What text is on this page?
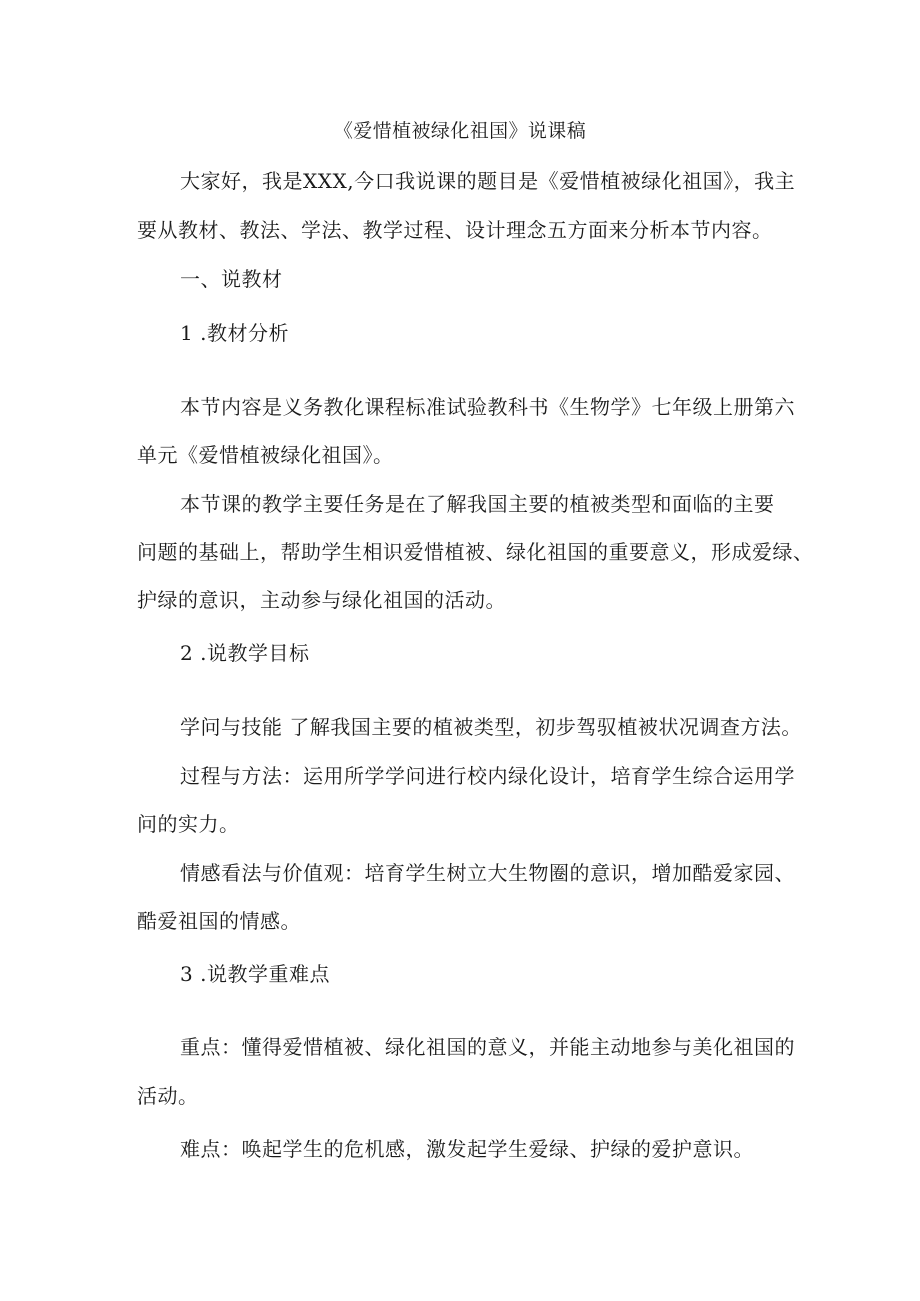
《爱惜植被绿化祖国》说课稿
大家好，我是XXX,今口我说课的题目是《爱惜植被绿化祖国》，我主
要从教材、教法、学法、教学过程、设计理念五方面来分析本节内容。
一、说教材
1 .教材分析
本节内容是义务教化课程标准试验教科书《生物学》七年级上册第六
单元《爱惜植被绿化祖国》。
本节课的教学主要任务是在了解我国主要的植被类型和面临的主要
问题的基础上，帮助学生相识爱惜植被、绿化祖国的重要意义，形成爱绿、
护绿的意识，主动参与绿化祖国的活动。
2 .说教学目标
学问与技能 了解我国主要的植被类型，初步驾驭植被状况调查方法。
过程与方法：运用所学学问进行校内绿化设计，培育学生综合运用学
问的实力。
情感看法与价值观：培育学生树立大生物圈的意识，增加酷爱家园、
酷爱祖国的情感。
3 .说教学重难点
重点：懂得爱惜植被、绿化祖国的意义，并能主动地参与美化祖国的
活动。
难点：唤起学生的危机感，激发起学生爱绿、护绿的爱护意识。
